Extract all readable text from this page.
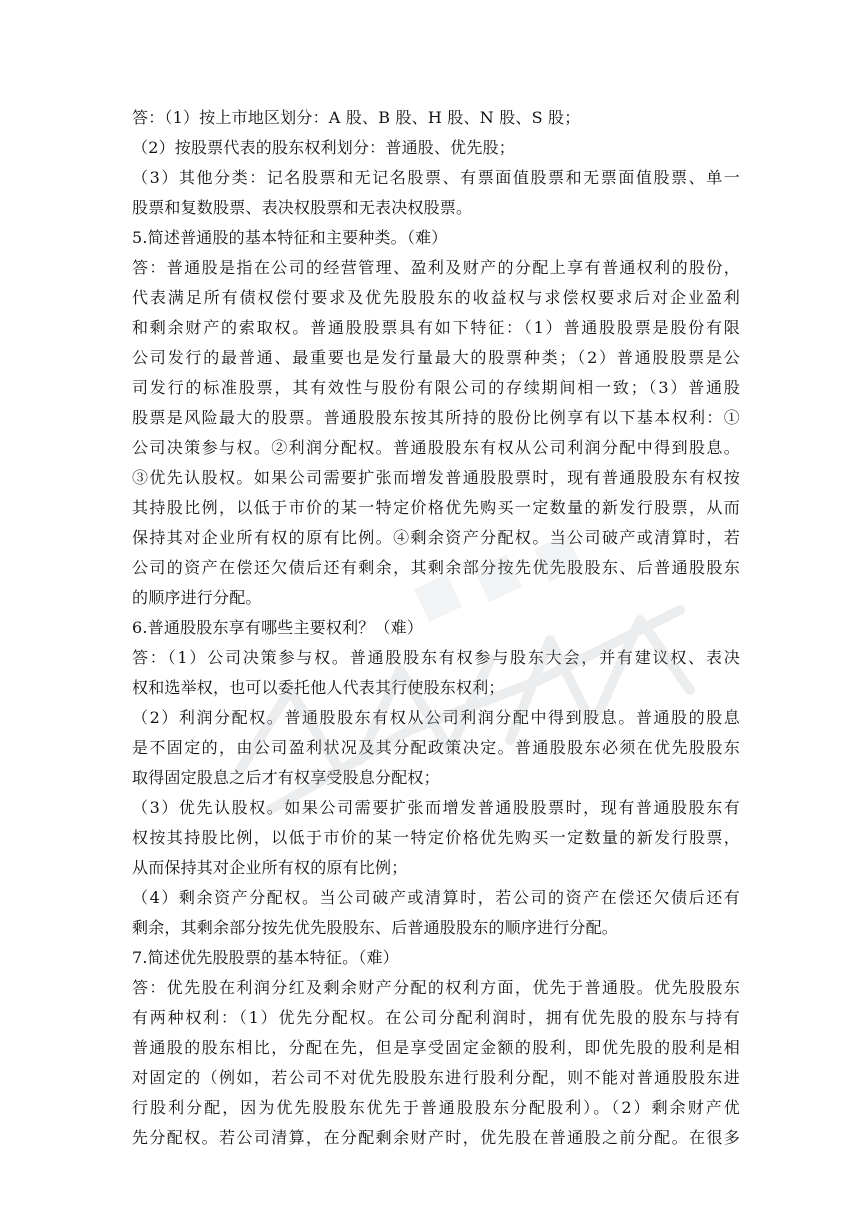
答：（1）按上市地区划分：A 股、B 股、H 股、N 股、S 股；
（2）按股票代表的股东权利划分：普通股、优先股；
（3）其他分类：记名股票和无记名股票、有票面值股票和无票面值股票、单一
股票和复数股票、表决权股票和无表决权股票。
5.简述普通股的基本特征和主要种类。（难）
答：普通股是指在公司的经营管理、盈利及财产的分配上享有普通权利的股份，
代表满足所有债权偿付要求及优先股股东的收益权与求偿权要求后对企业盈利
和剩余财产的索取权。普通股股票具有如下特征：（1）普通股股票是股份有限
公司发行的最普通、最重要也是发行量最大的股票种类；（2）普通股股票是公
司发行的标准股票，其有效性与股份有限公司的存续期间相一致；（3）普通股
股票是风险最大的股票。普通股股东按其所持的股份比例享有以下基本权利：①
公司决策参与权。②利润分配权。普通股股东有权从公司利润分配中得到股息。
③优先认股权。如果公司需要扩张而增发普通股股票时，现有普通股股东有权按
其持股比例，以低于市价的某一特定价格优先购买一定数量的新发行股票，从而
保持其对企业所有权的原有比例。④剩余资产分配权。当公司破产或清算时，若
公司的资产在偿还欠债后还有剩余，其剩余部分按先优先股股东、后普通股股东
的顺序进行分配。
6.普通股股东享有哪些主要权利？（难）
答：（1）公司决策参与权。普通股股东有权参与股东大会，并有建议权、表决
权和选举权，也可以委托他人代表其行使股东权利；
（2）利润分配权。普通股股东有权从公司利润分配中得到股息。普通股的股息
是不固定的，由公司盈利状况及其分配政策决定。普通股股东必须在优先股股东
取得固定股息之后才有权享受股息分配权；
（3）优先认股权。如果公司需要扩张而增发普通股股票时，现有普通股股东有
权按其持股比例，以低于市价的某一特定价格优先购买一定数量的新发行股票，
从而保持其对企业所有权的原有比例；
（4）剩余资产分配权。当公司破产或清算时，若公司的资产在偿还欠债后还有
剩余，其剩余部分按先优先股股东、后普通股股东的顺序进行分配。
7.简述优先股股票的基本特征。（难）
答：优先股在利润分红及剩余财产分配的权利方面，优先于普通股。优先股股东
有两种权利：（1）优先分配权。在公司分配利润时，拥有优先股的股东与持有
普通股的股东相比，分配在先，但是享受固定金额的股利，即优先股的股利是相
对固定的（例如，若公司不对优先股股东进行股利分配，则不能对普通股股东进
行股利分配，因为优先股股东优先于普通股股东分配股利）。（2）剩余财产优
先分配权。若公司清算，在分配剩余财产时，优先股在普通股之前分配。在很多
